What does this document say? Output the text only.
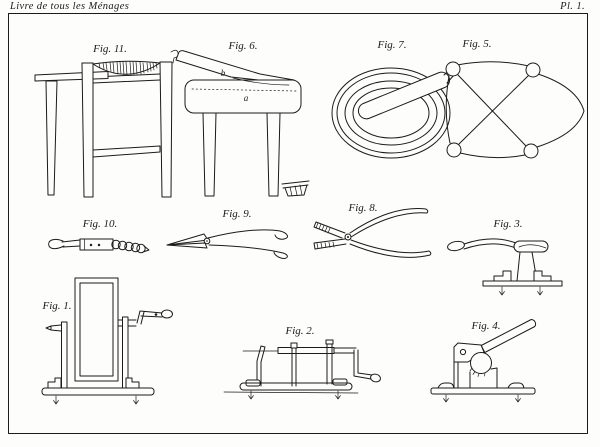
Livre de tous les Ménages	Pl. 1.
Fig. 11.	Fig. 6.
b
a
Fig. 7.	Fig. 5.
Fig. 10.
Fig. 9.	Fig. 8.
Fig. 3.
Fig. 1.
Fig. 2.	Fig. 4.
